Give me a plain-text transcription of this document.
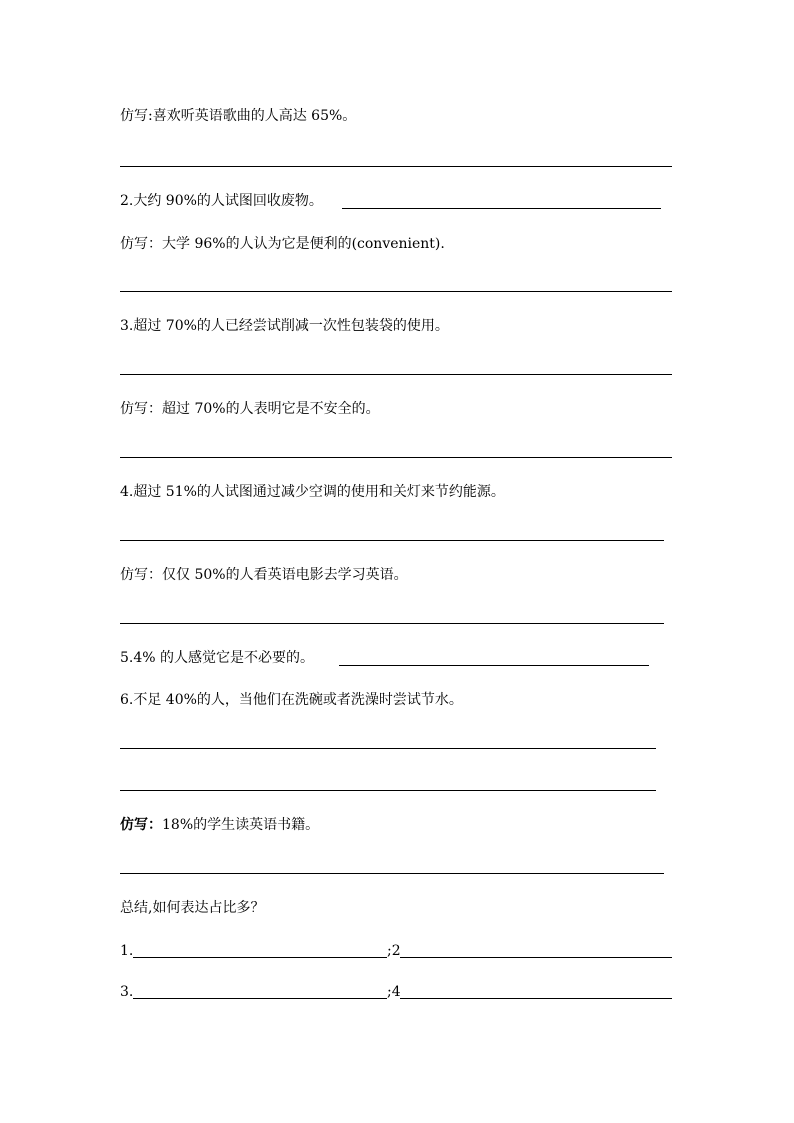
仿写:喜欢听英语歌曲的人高达 65%。

2.大约 90%的人试图回收废物。

仿写：大学 96%的人认为它是便利的(convenient).

3.超过 70%的人已经尝试削减一次性包装袋的使用。

仿写：超过 70%的人表明它是不安全的。

4.超过 51%的人试图通过减少空调的使用和关灯来节约能源。

仿写：仅仅 50%的人看英语电影去学习英语。

5.4% 的人感觉它是不必要的。

6.不足 40%的人，当他们在洗碗或者洗澡时尝试节水。

仿写：18%的学生读英语书籍。

总结,如何表达占比多？

1.	;2

3.	;4
